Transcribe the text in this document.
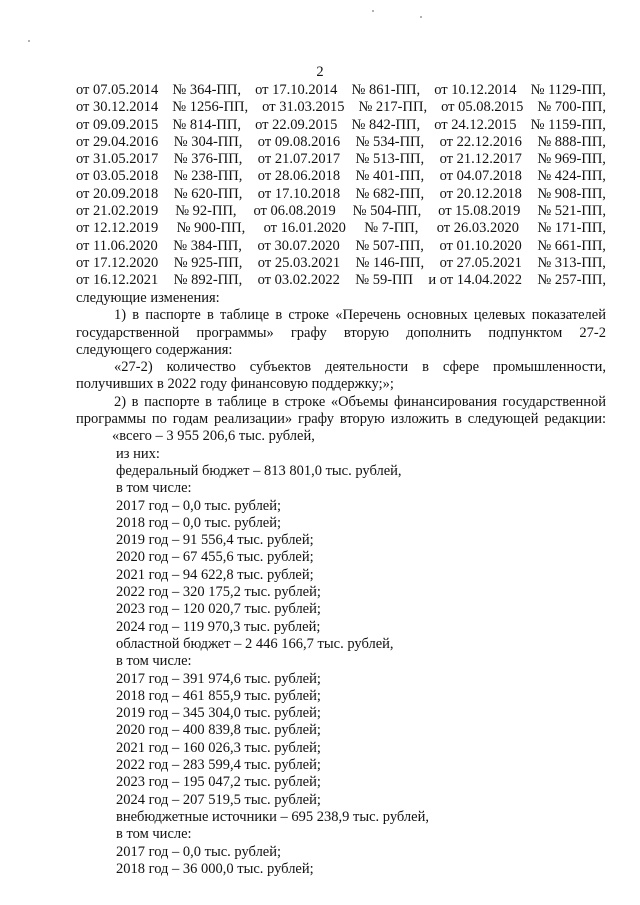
2
от 07.05.2014 № 364-ПП, от 17.10.2014 № 861-ПП, от 10.12.2014 № 1129-ПП,
от 30.12.2014 № 1256-ПП, от 31.03.2015 № 217-ПП, от 05.08.2015 № 700-ПП,
от 09.09.2015 № 814-ПП, от 22.09.2015 № 842-ПП, от 24.12.2015 № 1159-ПП,
от 29.04.2016 № 304-ПП, от 09.08.2016 № 534-ПП, от 22.12.2016 № 888-ПП,
от 31.05.2017 № 376-ПП, от 21.07.2017 № 513-ПП, от 21.12.2017 № 969-ПП,
от 03.05.2018 № 238-ПП, от 28.06.2018 № 401-ПП, от 04.07.2018 № 424-ПП,
от 20.09.2018 № 620-ПП, от 17.10.2018 № 682-ПП, от 20.12.2018 № 908-ПП,
от 21.02.2019 № 92-ПП, от 06.08.2019 № 504-ПП, от 15.08.2019 № 521-ПП,
от 12.12.2019 № 900-ПП, от 16.01.2020 № 7-ПП, от 26.03.2020 № 171-ПП,
от 11.06.2020 № 384-ПП, от 30.07.2020 № 507-ПП, от 01.10.2020 № 661-ПП,
от 17.12.2020 № 925-ПП, от 25.03.2021 № 146-ПП, от 27.05.2021 № 313-ПП,
от 16.12.2021 № 892-ПП, от 03.02.2022 № 59-ПП и от 14.04.2022 № 257-ПП,
следующие изменения:
1) в паспорте в таблице в строке «Перечень основных целевых показателей
государственной программы» графу вторую дополнить подпунктом 27-2
следующего содержания:
«27-2) количество субъектов деятельности в сфере промышленности,
получивших в 2022 году финансовую поддержку;»;
2) в паспорте в таблице в строке «Объемы финансирования государственной
программы по годам реализации» графу вторую изложить в следующей редакции:
«всего – 3 955 206,6 тыс. рублей,
из них:
федеральный бюджет – 813 801,0 тыс. рублей,
в том числе:
2017 год – 0,0 тыс. рублей;
2018 год – 0,0 тыс. рублей;
2019 год – 91 556,4 тыс. рублей;
2020 год – 67 455,6 тыс. рублей;
2021 год – 94 622,8 тыс. рублей;
2022 год – 320 175,2 тыс. рублей;
2023 год – 120 020,7 тыс. рублей;
2024 год – 119 970,3 тыс. рублей;
областной бюджет – 2 446 166,7 тыс. рублей,
в том числе:
2017 год – 391 974,6 тыс. рублей;
2018 год – 461 855,9 тыс. рублей;
2019 год – 345 304,0 тыс. рублей;
2020 год – 400 839,8 тыс. рублей;
2021 год – 160 026,3 тыс. рублей;
2022 год – 283 599,4 тыс. рублей;
2023 год – 195 047,2 тыс. рублей;
2024 год – 207 519,5 тыс. рублей;
внебюджетные источники – 695 238,9 тыс. рублей,
в том числе:
2017 год – 0,0 тыс. рублей;
2018 год – 36 000,0 тыс. рублей;
